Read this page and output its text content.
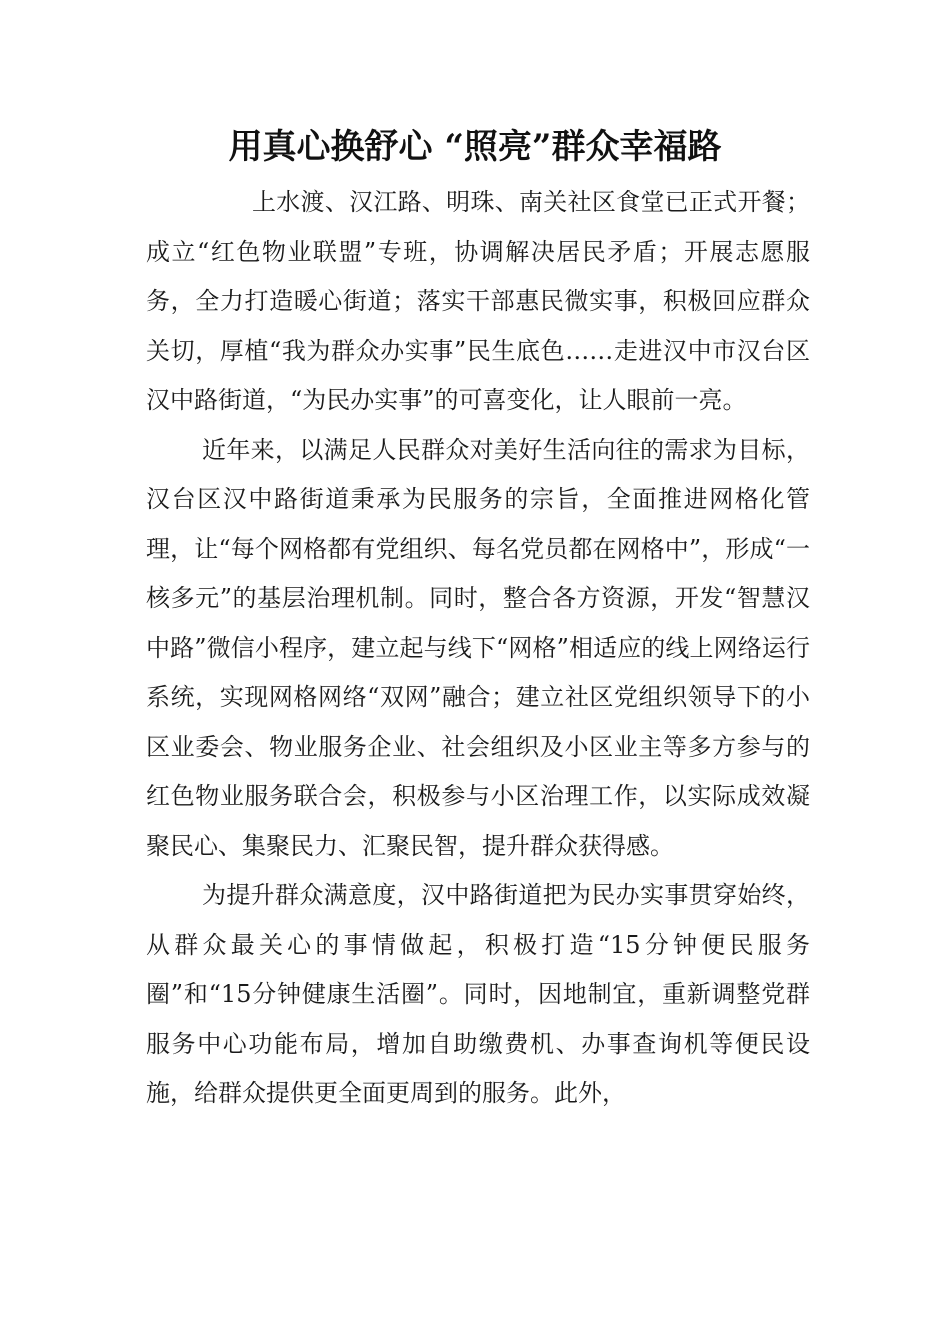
用真心换舒心 “照亮”群众幸福路

上水渡、汉江路、明珠、南关社区食堂已正式开餐；成立“红色物业联盟”专班，协调解决居民矛盾；开展志愿服务，全力打造暖心街道；落实干部惠民微实事，积极回应群众关切，厚植“我为群众办实事”民生底色……走进汉中市汉台区汉中路街道，“为民办实事”的可喜变化，让人眼前一亮。

近年来，以满足人民群众对美好生活向往的需求为目标，汉台区汉中路街道秉承为民服务的宗旨，全面推进网格化管理，让“每个网格都有党组织、每名党员都在网格中”，形成“一核多元”的基层治理机制。同时，整合各方资源，开发“智慧汉中路”微信小程序，建立起与线下“网格”相适应的线上网络运行系统，实现网格网络“双网”融合；建立社区党组织领导下的小区业委会、物业服务企业、社会组织及小区业主等多方参与的红色物业服务联合会，积极参与小区治理工作，以实际成效凝聚民心、集聚民力、汇聚民智，提升群众获得感。

为提升群众满意度，汉中路街道把为民办实事贯穿始终，从群众最关心的事情做起，积极打造“15分钟便民服务圈”和“15分钟健康生活圈”。同时，因地制宜，重新调整党群服务中心功能布局，增加自助缴费机、办事查询机等便民设施，给群众提供更全面更周到的服务。此外，
